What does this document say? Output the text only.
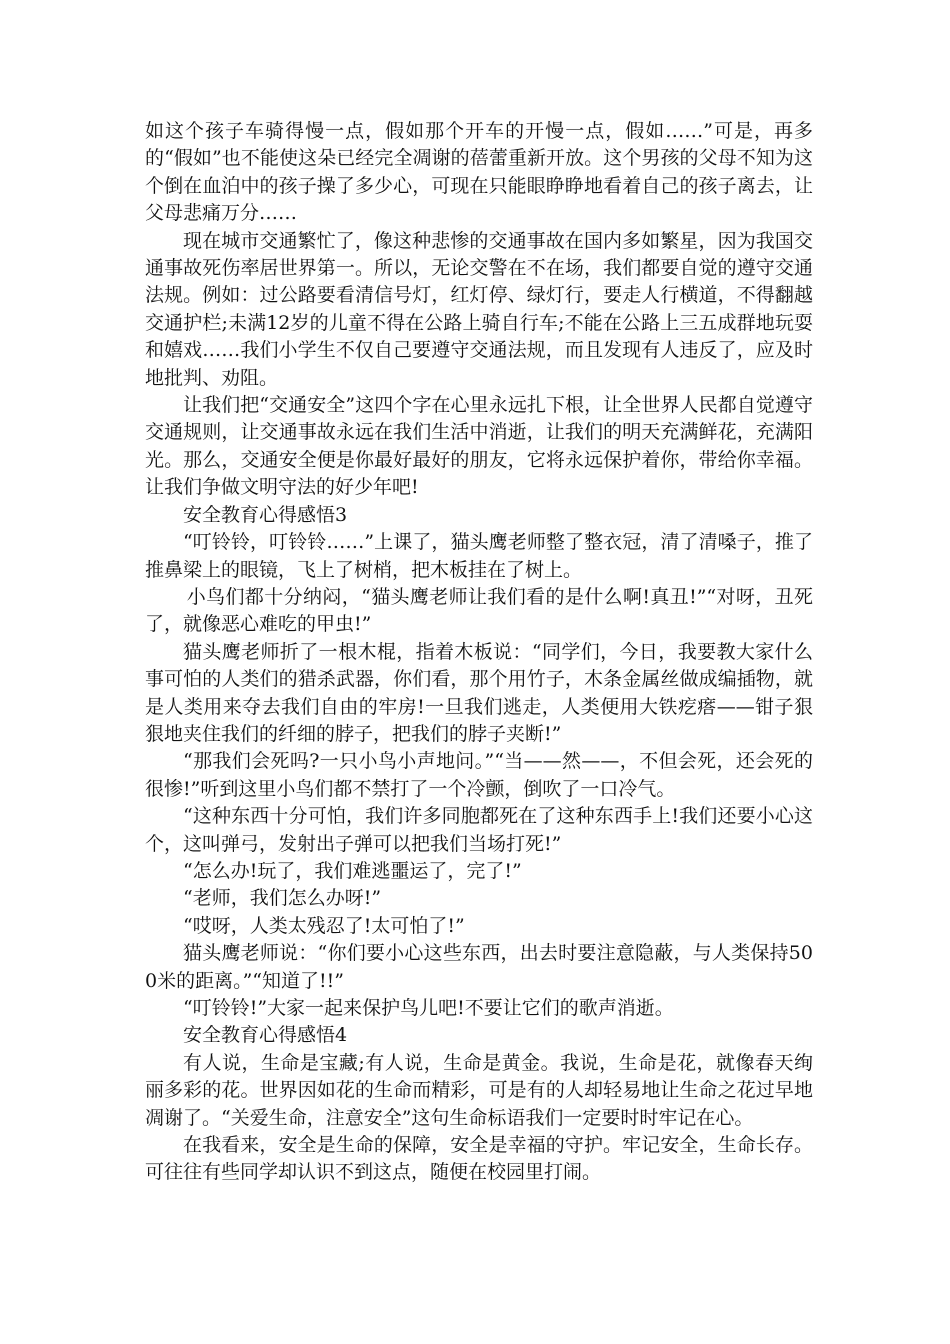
如这个孩子车骑得慢一点，假如那个开车的开慢一点，假如……”可是，再多的“假如”也不能使这朵已经完全凋谢的蓓蕾重新开放。这个男孩的父母不知为这个倒在血泊中的孩子操了多少心，可现在只能眼睁睁地看着自己的孩子离去，让父母悲痛万分……

现在城市交通繁忙了，像这种悲惨的交通事故在国内多如繁星，因为我国交通事故死伤率居世界第一。所以，无论交警在不在场，我们都要自觉的遵守交通法规。例如：过公路要看清信号灯，红灯停、绿灯行，要走人行横道，不得翻越交通护栏;未满12岁的儿童不得在公路上骑自行车;不能在公路上三五成群地玩耍和嬉戏……我们小学生不仅自己要遵守交通法规，而且发现有人违反了，应及时地批判、劝阻。

让我们把“交通安全”这四个字在心里永远扎下根，让全世界人民都自觉遵守交通规则，让交通事故永远在我们生活中消逝，让我们的明天充满鲜花，充满阳光。那么，交通安全便是你最好最好的朋友，它将永远保护着你，带给你幸福。让我们争做文明守法的好少年吧!

安全教育心得感悟3

“叮铃铃，叮铃铃……”上课了，猫头鹰老师整了整衣冠，清了清嗓子，推了推鼻梁上的眼镜，飞上了树梢，把木板挂在了树上。

小鸟们都十分纳闷，“猫头鹰老师让我们看的是什么啊!真丑!”“对呀，丑死了，就像恶心难吃的甲虫!”

猫头鹰老师折了一根木棍，指着木板说：“同学们，今日，我要教大家什么事可怕的人类们的猎杀武器，你们看，那个用竹子，木条金属丝做成编插物，就是人类用来夺去我们自由的牢房!一旦我们逃走，人类便用大铁疙瘩——钳子狠狠地夹住我们的纤细的脖子，把我们的脖子夹断!”

“那我们会死吗?一只小鸟小声地问。”“当——然——，不但会死，还会死的很惨!”听到这里小鸟们都不禁打了一个冷颤，倒吹了一口冷气。

“这种东西十分可怕，我们许多同胞都死在了这种东西手上!我们还要小心这个，这叫弹弓，发射出子弹可以把我们当场打死!”

“怎么办!玩了，我们难逃噩运了，完了!”

“老师，我们怎么办呀!”

“哎呀，人类太残忍了!太可怕了!”

猫头鹰老师说：“你们要小心这些东西，出去时要注意隐蔽，与人类保持500米的距离。”“知道了!!”

“叮铃铃!”大家一起来保护鸟儿吧!不要让它们的歌声消逝。

安全教育心得感悟4

有人说，生命是宝藏;有人说，生命是黄金。我说，生命是花，就像春天绚丽多彩的花。世界因如花的生命而精彩，可是有的人却轻易地让生命之花过早地凋谢了。“关爱生命，注意安全”这句生命标语我们一定要时时牢记在心。

在我看来，安全是生命的保障，安全是幸福的守护。牢记安全，生命长存。可往往有些同学却认识不到这点，随便在校园里打闹。
